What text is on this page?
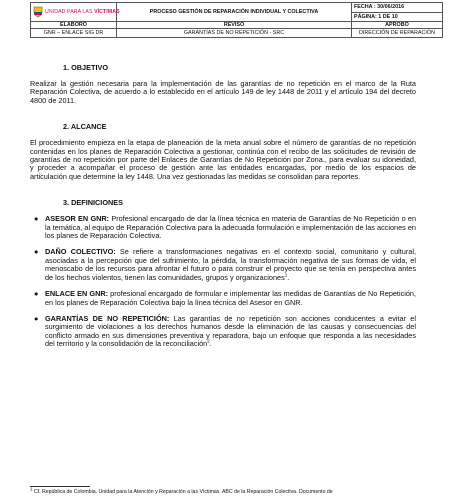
UNIDAD PARA LAS VÍCTIMAS	PROCESO GESTIÓN DE REPARACIÓN INDIVIDUAL Y COLECTIVA	FECHA : 30/06/2016
		PÁGINA: 1 DE 10
ELABORÓ	REVISÓ	APROBÓ
GNR – ENLACE SIG DR	GARANTÍAS DE NO REPETICIÓN - SRC	DIRECCIÓN DE REPARACIÓN
1. OBJETIVO

Realizar la gestión necesaria para la implementación de las garantías de no repetición en el marco de la Ruta Reparación Colectiva, de acuerdo a lo establecido en el artículo 149 de ley 1448 de 2011 y el artículo 194 del decreto 4800 de 2011.

2. ALCANCE

El procedimiento empieza en la etapa de planeación de la meta anual sobre el número de garantías de no repetición contenidas en los planes de Reparación Colectiva a gestionar, continúa con el recibo de las solicitudes de revisión de garantías de no repetición por parte del Enlaces de Garantías de No Repetición por Zona., para evaluar su idoneidad, y proceder a acompañar el proceso de gestión ante las entidades encargadas, por medio de los espacios de articulación que determine la ley 1448. Una vez gestionadas las medidas se consolidan para reportes.

3. DEFINICIONES
● ASESOR EN GNR: Profesional encargado de dar la línea técnica en materia de Garantías de No Repetición o en la temática, al equipo de Reparación Colectiva para la adecuada formulación e implementación de las acciones en los planes de Reparación Colectiva.
● DAÑO COLECTIVO: Se refiere a transformaciones negativas en el contexto social, comunitario y cultural, asociadas a la percepción que del sufrimiento, la pérdida, la transformación negativa de sus formas de vida, el menoscabo de los recursos para afrontar el futuro o para construir el proyecto que se tenía en perspectiva antes de los hechos violentos, tienen las comunidades, grupos y organizaciones$^1$.
● ENLACE EN GNR: profesional encargado de formular e implementar las medidas de Garantías de No Repetición, en los planes de Reparación Colectiva bajo la línea técnica del Asesor en GNR.
● GARANTÍAS DE NO REPETICIÓN: Las garantías de no repetición son acciones conducentes a evitar el surgimiento de violaciones a los derechos humanos desde la eliminación de las causas y consecuencias del conflicto armado en sus dimensiones preventiva y reparadora, bajo un enfoque que responda a las necesidades del territorio y la consolidación de la reconciliación$^2$.
$^1$ Cf. República de Colombia. Unidad para la Atención y Reparación a las Víctimas. ABC de la Reparación Colectiva. Documento de
